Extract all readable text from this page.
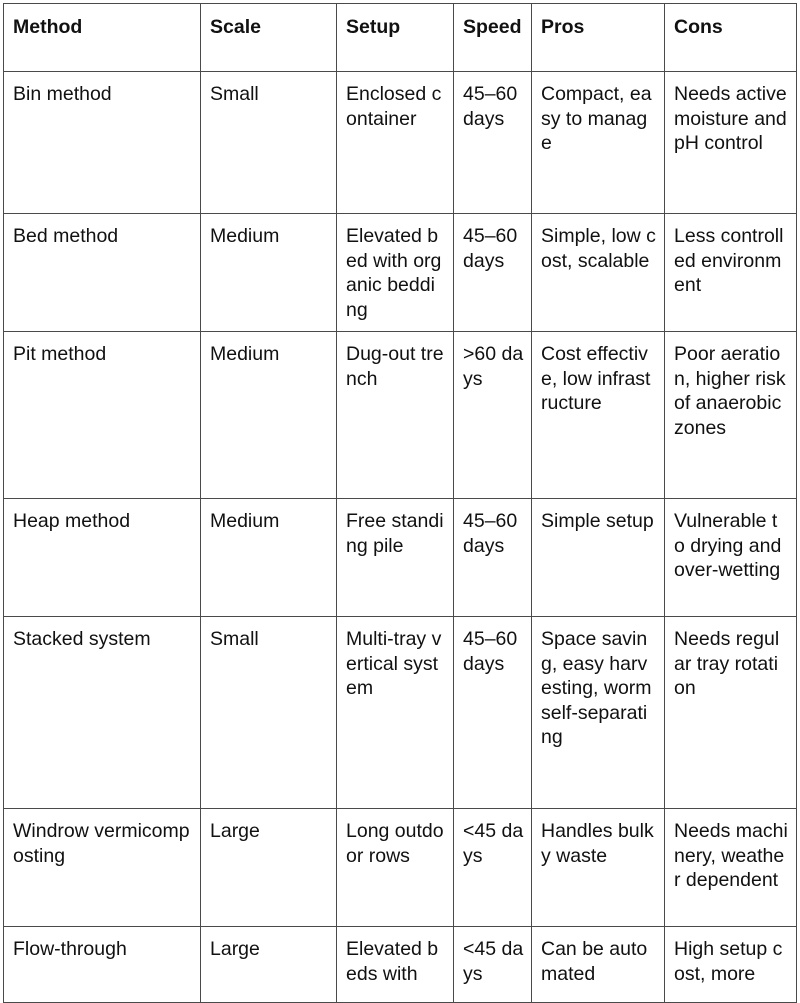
Method	Scale	Setup	Speed	Pros	Cons
Bin method	Small	Enclosed container	45–60 days	Compact, easy to manage	Needs active moisture and pH control
Bed method	Medium	Elevated bed with organic bedding	45–60 days	Simple, low cost, scalable	Less controlled environment
Pit method	Medium	Dug-out trench	>60 days	Cost effective, low infrastructure	Poor aeration, higher risk of anaerobic zones
Heap method	Medium	Free standing pile	45–60 days	Simple setup	Vulnerable to drying and over-wetting
Stacked system	Small	Multi-tray vertical system	45–60 days	Space saving, easy harvesting, worm self-separating	Needs regular tray rotation
Windrow vermicomposting	Large	Long outdoor rows	<45 days	Handles bulky waste	Needs machinery, weather dependent
Flow-through	Large	Elevated beds with	<45 days	Can be automated	High setup cost, more
